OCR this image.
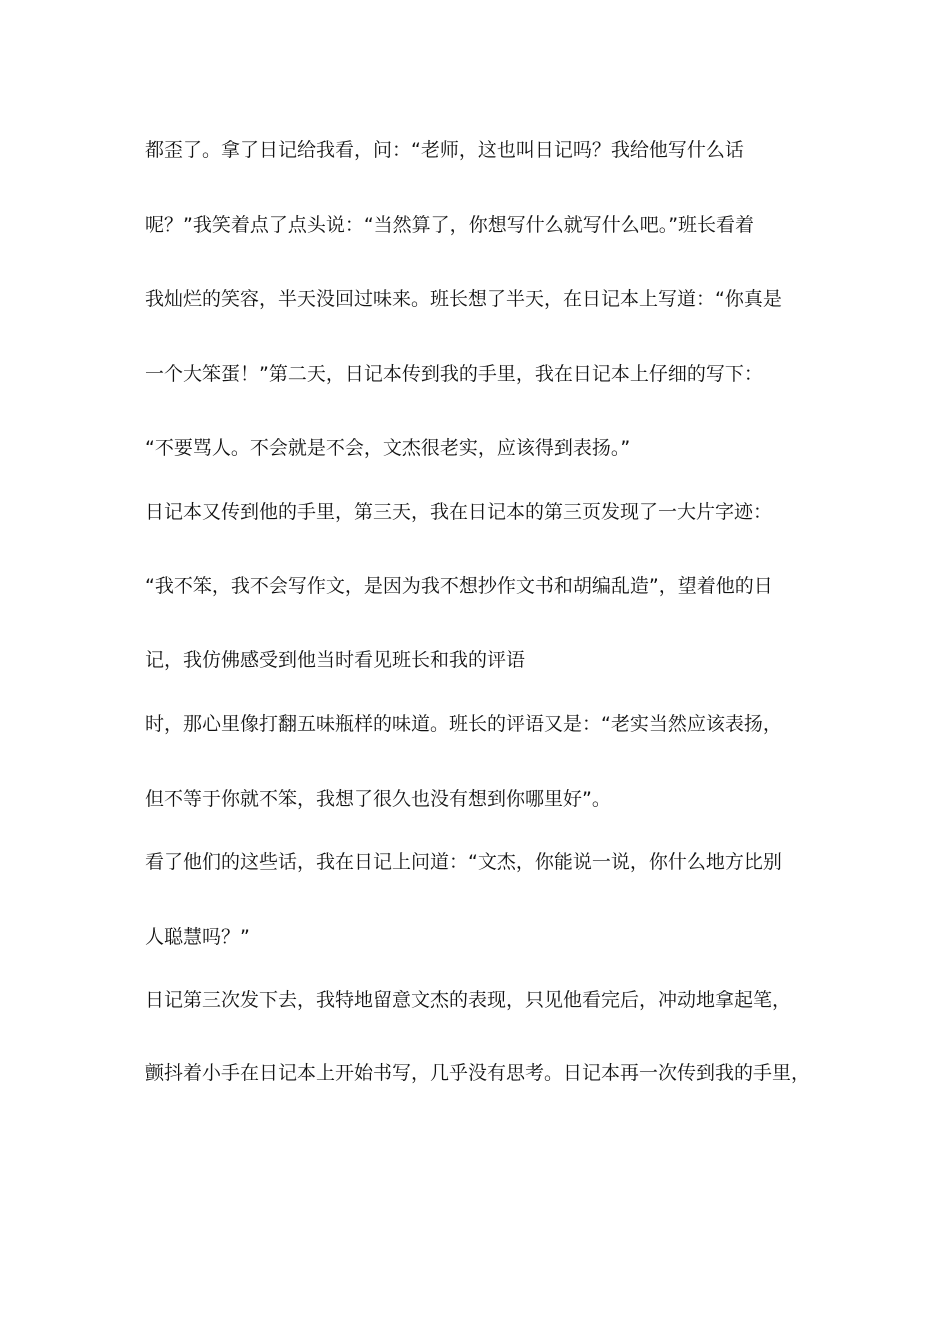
都歪了。拿了日记给我看，问：“老师，这也叫日记吗？我给他写什么话
呢？”我笑着点了点头说：“当然算了，你想写什么就写什么吧。”班长看着
我灿烂的笑容，半天没回过味来。班长想了半天，在日记本上写道：“你真是
一个大笨蛋！”第二天，日记本传到我的手里，我在日记本上仔细的写下：
“不要骂人。不会就是不会，文杰很老实，应该得到表扬。”
日记本又传到他的手里，第三天，我在日记本的第三页发现了一大片字迹：
“我不笨，我不会写作文，是因为我不想抄作文书和胡编乱造”，望着他的日
记，我仿佛感受到他当时看见班长和我的评语
时，那心里像打翻五味瓶样的味道。班长的评语又是：“老实当然应该表扬，
但不等于你就不笨，我想了很久也没有想到你哪里好”。
看了他们的这些话，我在日记上问道：“文杰，你能说一说，你什么地方比别
人聪慧吗？”
日记第三次发下去，我特地留意文杰的表现，只见他看完后，冲动地拿起笔，
颤抖着小手在日记本上开始书写，几乎没有思考。日记本再一次传到我的手里，
